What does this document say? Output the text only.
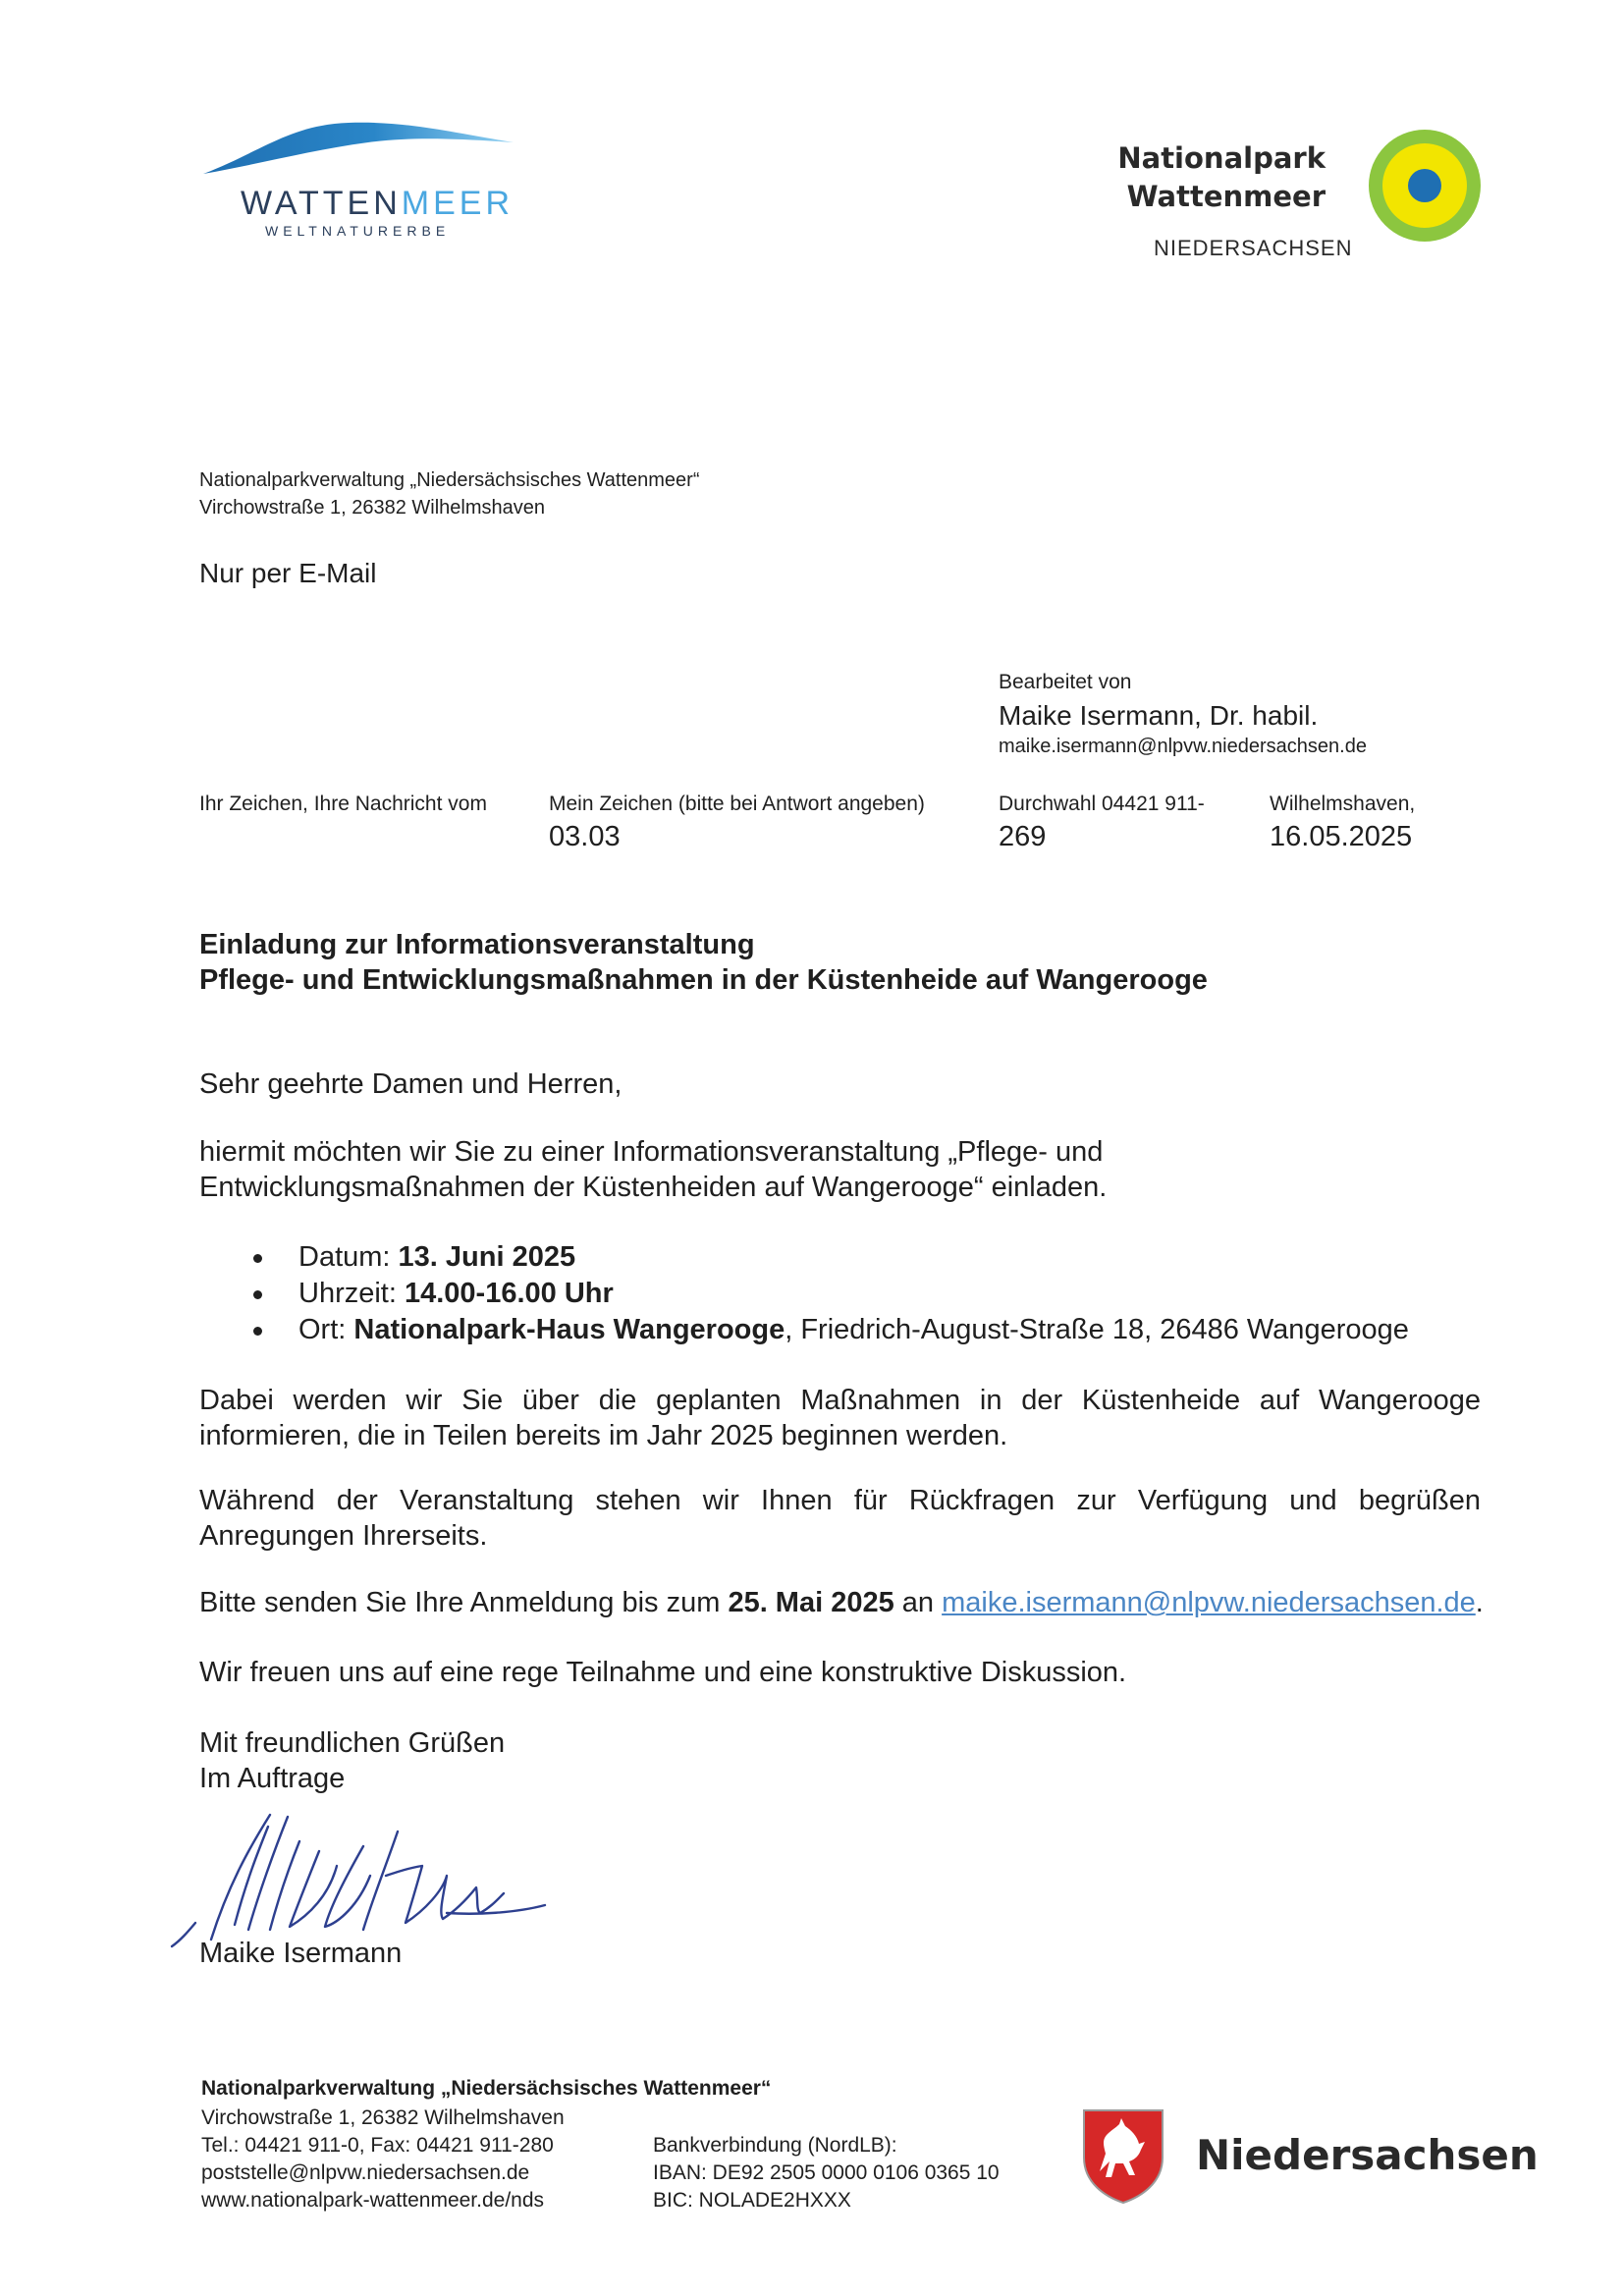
WATTENMEER
WELTNATURERBE
Nationalpark
Wattenmeer
NIEDERSACHSEN
Nationalparkverwaltung „Niedersächsisches Wattenmeer“
Virchowstraße 1, 26382 Wilhelmshaven
Nur per E-Mail
Bearbeitet von
Maike Isermann, Dr. habil.
maike.isermann@nlpvw.niedersachsen.de
Ihr Zeichen, Ihre Nachricht vom	Mein Zeichen (bitte bei Antwort angeben)
03.03
Durchwahl 04421 911-
269
Wilhelmshaven,
16.05.2025
Einladung zur Informationsveranstaltung
Pflege- und Entwicklungsmaßnahmen in der Küstenheide auf Wangerooge
Sehr geehrte Damen und Herren,
hiermit möchten wir Sie zu einer Informationsveranstaltung „Pflege- und
Entwicklungsmaßnahmen der Küstenheiden auf Wangerooge“ einladen.
Datum: 13. Juni 2025
Uhrzeit: 14.00-16.00 Uhr
Ort: Nationalpark-Haus Wangerooge, Friedrich-August-Straße 18, 26486 Wangerooge
Dabei werden wir Sie über die geplanten Maßnahmen in der Küstenheide auf Wangerooge informieren, die in Teilen bereits im Jahr 2025 beginnen werden.
Während der Veranstaltung stehen wir Ihnen für Rückfragen zur Verfügung und begrüßen Anregungen Ihrerseits.
Bitte senden Sie Ihre Anmeldung bis zum 25. Mai 2025 an maike.isermann@nlpvw.niedersachsen.de.
Wir freuen uns auf eine rege Teilnahme und eine konstruktive Diskussion.
Mit freundlichen Grüßen
Im Auftrage
Maike Isermann
Nationalparkverwaltung „Niedersächsisches Wattenmeer“
Virchowstraße 1, 26382 Wilhelmshaven
Tel.: 04421 911-0, Fax: 04421 911-280
poststelle@nlpvw.niedersachsen.de
www.nationalpark-wattenmeer.de/nds
Bankverbindung (NordLB):
IBAN: DE92 2505 0000 0106 0365 10
BIC: NOLADE2HXXX
Niedersachsen
